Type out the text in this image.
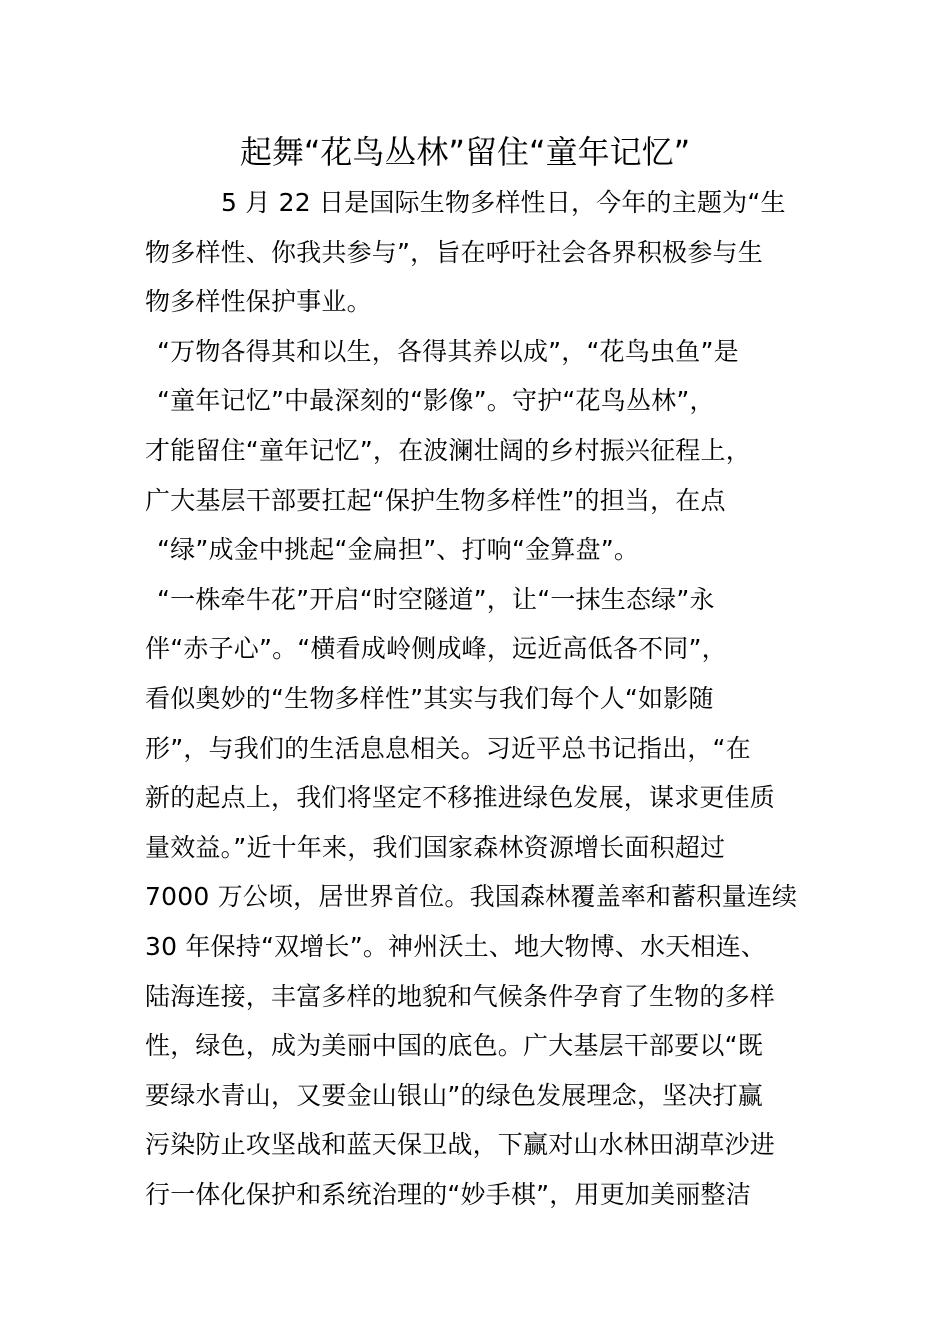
起舞“花鸟丛林”留住“童年记忆”
5 月 22 日是国际生物多样性日，今年的主题为“生
物多样性、你我共参与”，旨在呼吁社会各界积极参与生
物多样性保护事业。
“万物各得其和以生，各得其养以成”，“花鸟虫鱼”是
“童年记忆”中最深刻的“影像”。守护“花鸟丛林”，
才能留住“童年记忆”，在波澜壮阔的乡村振兴征程上，
广大基层干部要扛起“保护生物多样性”的担当，在点
“绿”成金中挑起“金扁担”、打响“金算盘”。
“一株牵牛花”开启“时空隧道”，让“一抹生态绿”永
伴“赤子心”。“横看成岭侧成峰，远近高低各不同”，
看似奥妙的“生物多样性”其实与我们每个人“如影随
形”，与我们的生活息息相关。习近平总书记指出，“在
新的起点上，我们将坚定不移推进绿色发展，谋求更佳质
量效益。”近十年来，我们国家森林资源增长面积超过
7000 万公顷，居世界首位。我国森林覆盖率和蓄积量连续
30 年保持“双增长”。神州沃土、地大物博、水天相连、
陆海连接，丰富多样的地貌和气候条件孕育了生物的多样
性，绿色，成为美丽中国的底色。广大基层干部要以“既
要绿水青山，又要金山银山”的绿色发展理念，坚决打赢
污染防止攻坚战和蓝天保卫战，下赢对山水林田湖草沙进
行一体化保护和系统治理的“妙手棋”，用更加美丽整洁
